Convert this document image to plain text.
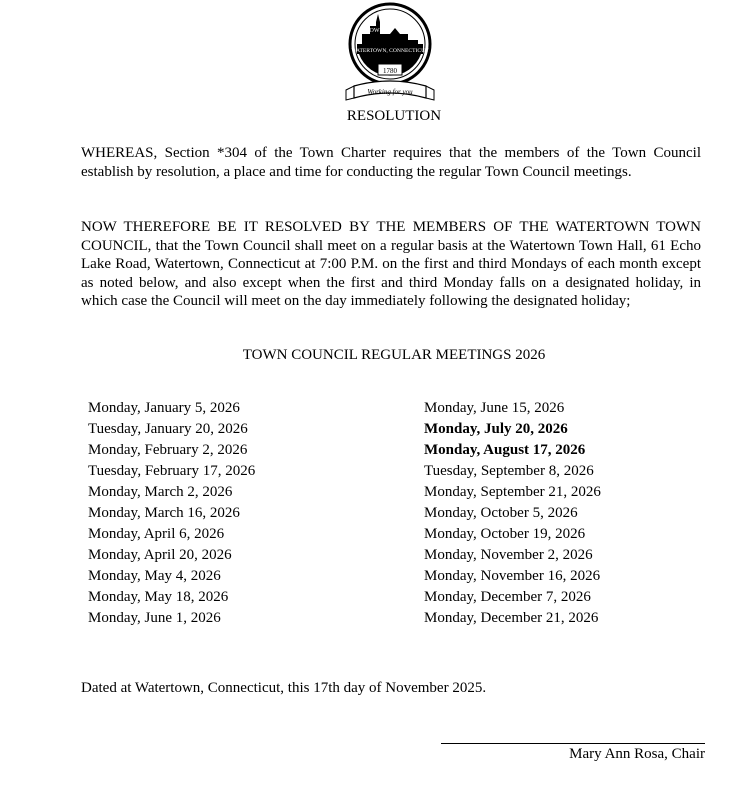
TOWN OF
WATERTOWN, CONNECTICUT
1780
Working for you
RESOLUTION

WHEREAS, Section *304 of the Town Charter requires that the members of the Town Council establish by resolution, a place and time for conducting the regular Town Council meetings.

NOW THEREFORE BE IT RESOLVED BY THE MEMBERS OF THE WATERTOWN TOWN COUNCIL, that the Town Council shall meet on a regular basis at the Watertown Town Hall, 61 Echo Lake Road, Watertown, Connecticut at 7:00 P.M. on the first and third Mondays of each month except as noted below, and also except when the first and third Monday falls on a designated holiday, in which case the Council will meet on the day immediately following the designated holiday;

TOWN COUNCIL REGULAR MEETINGS 2026
Monday, January 5, 2026
Tuesday, January 20, 2026
Monday, February 2, 2026
Tuesday, February 17, 2026
Monday, March 2, 2026
Monday, March 16, 2026
Monday, April 6, 2026
Monday, April 20, 2026
Monday, May 4, 2026
Monday, May 18, 2026
Monday, June 1, 2026
Monday, June 15, 2026
Monday, July 20, 2026
Monday, August 17, 2026
Tuesday, September 8, 2026
Monday, September 21, 2026
Monday, October 5, 2026
Monday, October 19, 2026
Monday, November 2, 2026
Monday, November 16, 2026
Monday, December 7, 2026
Monday, December 21, 2026

Dated at Watertown, Connecticut, this 17th day of November 2025.

Mary Ann Rosa, Chair
